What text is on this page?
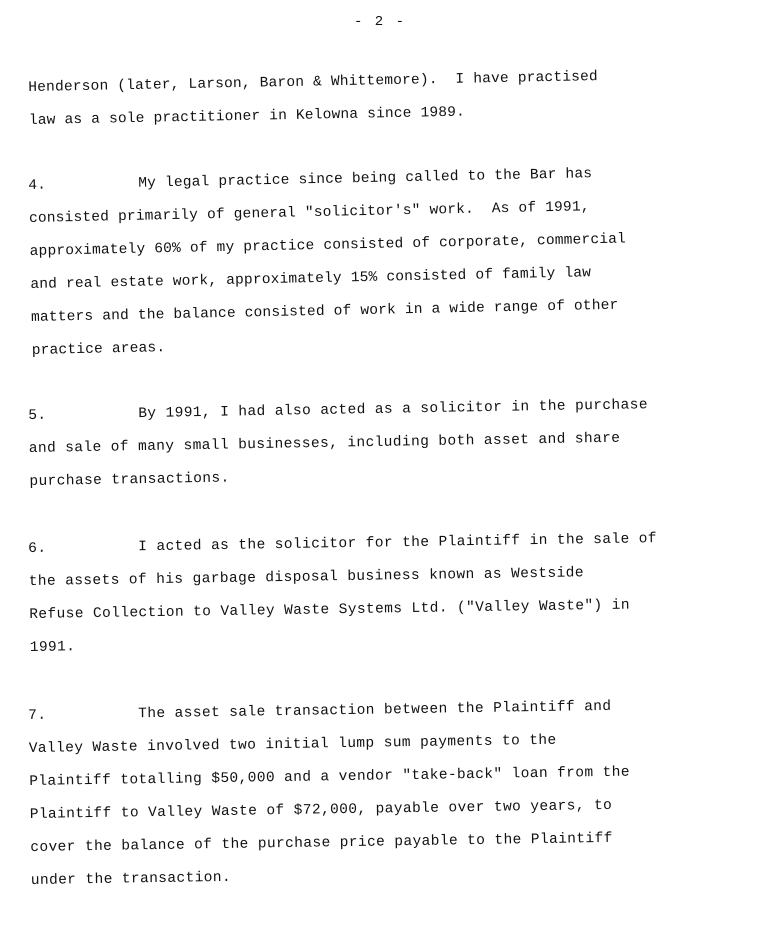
- 2 -
Henderson (later, Larson, Baron & Whittemore).  I have practised
law as a sole practitioner in Kelowna since 1989.
4.	My legal practice since being called to the Bar has
consisted primarily of general "solicitor's" work.  As of 1991,
approximately 60% of my practice consisted of corporate, commercial
and real estate work, approximately 15% consisted of family law
matters and the balance consisted of work in a wide range of other
practice areas.
5.	By 1991, I had also acted as a solicitor in the purchase
and sale of many small businesses, including both asset and share
purchase transactions.
6.	I acted as the solicitor for the Plaintiff in the sale of
the assets of his garbage disposal business known as Westside
Refuse Collection to Valley Waste Systems Ltd. ("Valley Waste") in
1991.
7.	The asset sale transaction between the Plaintiff and
Valley Waste involved two initial lump sum payments to the
Plaintiff totalling $50,000 and a vendor "take-back" loan from the
Plaintiff to Valley Waste of $72,000, payable over two years, to
cover the balance of the purchase price payable to the Plaintiff
under the transaction.
